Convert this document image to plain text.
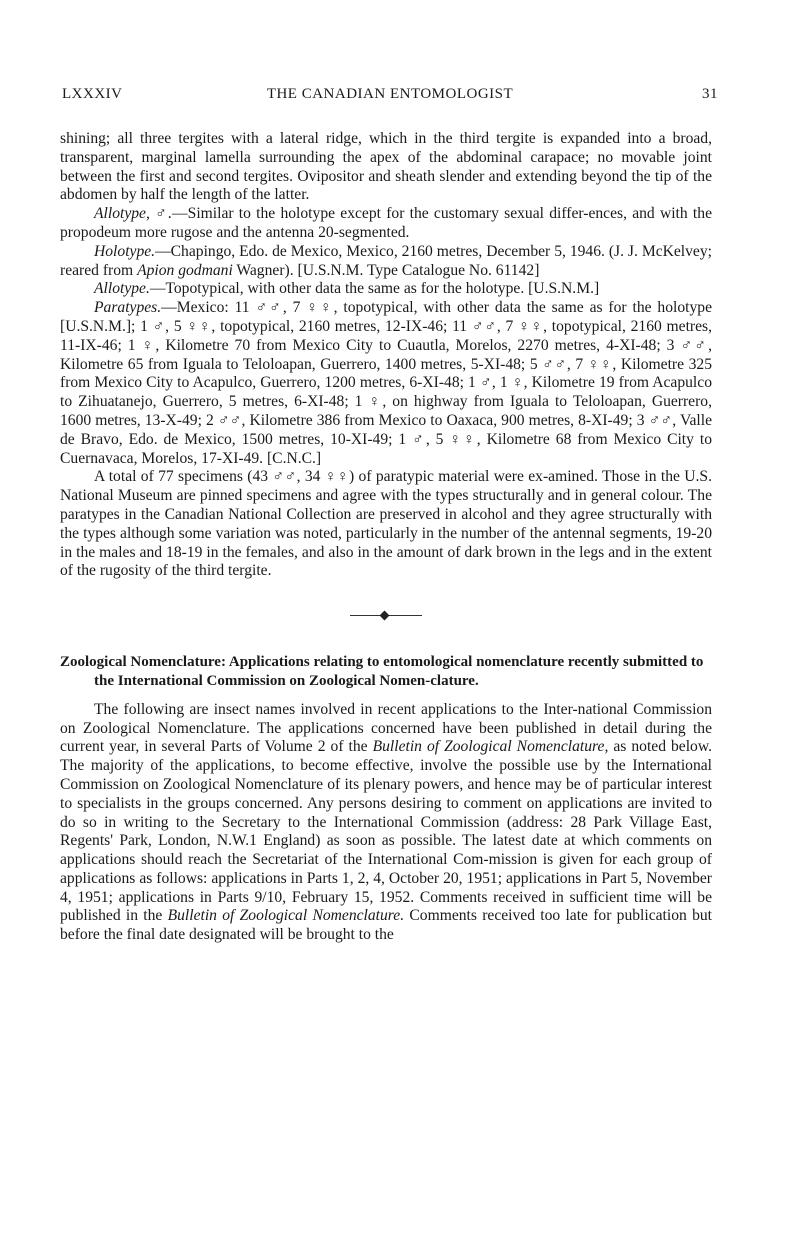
LXXXIV	THE CANADIAN ENTOMOLOGIST	31

shining; all three tergites with a lateral ridge, which in the third tergite is expanded into a broad, transparent, marginal lamella surrounding the apex of the abdominal carapace; no movable joint between the first and second tergites. Ovipositor and sheath slender and extending beyond the tip of the abdomen by half the length of the latter.

Allotype, ♂.—Similar to the holotype except for the customary sexual differ-ences, and with the propodeum more rugose and the antenna 20-segmented.

Holotype.—Chapingo, Edo. de Mexico, Mexico, 2160 metres, December 5, 1946. (J. J. McKelvey; reared from Apion godmani Wagner). [U.S.N.M. Type Catalogue No. 61142]

Allotype.—Topotypical, with other data the same as for the holotype. [U.S.N.M.]

Paratypes.—Mexico: 11 ♂♂, 7 ♀♀, topotypical, with other data the same as for the holotype [U.S.N.M.]; 1 ♂, 5 ♀♀, topotypical, 2160 metres, 12-IX-46; 11 ♂♂, 7 ♀♀, topotypical, 2160 metres, 11-IX-46; 1 ♀, Kilometre 70 from Mexico City to Cuautla, Morelos, 2270 metres, 4-XI-48; 3 ♂♂, Kilometre 65 from Iguala to Teloloapan, Guerrero, 1400 metres, 5-XI-48; 5 ♂♂, 7 ♀♀, Kilometre 325 from Mexico City to Acapulco, Guerrero, 1200 metres, 6-XI-48; 1 ♂, 1 ♀, Kilometre 19 from Acapulco to Zihuatanejo, Guerrero, 5 metres, 6-XI-48; 1 ♀, on highway from Iguala to Teloloapan, Guerrero, 1600 metres, 13-X-49; 2 ♂♂, Kilometre 386 from Mexico to Oaxaca, 900 metres, 8-XI-49; 3 ♂♂, Valle de Bravo, Edo. de Mexico, 1500 metres, 10-XI-49; 1 ♂, 5 ♀♀, Kilometre 68 from Mexico City to Cuernavaca, Morelos, 17-XI-49. [C.N.C.]

A total of 77 specimens (43 ♂♂, 34 ♀♀) of paratypic material were ex-amined. Those in the U.S. National Museum are pinned specimens and agree with the types structurally and in general colour. The paratypes in the Canadian National Collection are preserved in alcohol and they agree structurally with the types although some variation was noted, particularly in the number of the antennal segments, 19-20 in the males and 18-19 in the females, and also in the amount of dark brown in the legs and in the extent of the rugosity of the third tergite.

Zoological Nomenclature: Applications relating to entomological nomenclature recently submitted to the International Commission on Zoological Nomen-clature.

The following are insect names involved in recent applications to the Inter-national Commission on Zoological Nomenclature. The applications concerned have been published in detail during the current year, in several Parts of Volume 2 of the Bulletin of Zoological Nomenclature, as noted below. The majority of the applications, to become effective, involve the possible use by the International Commission on Zoological Nomenclature of its plenary powers, and hence may be of particular interest to specialists in the groups concerned. Any persons desiring to comment on applications are invited to do so in writing to the Secretary to the International Commission (address: 28 Park Village East, Regents' Park, London, N.W.1 England) as soon as possible. The latest date at which comments on applications should reach the Secretariat of the International Com-mission is given for each group of applications as follows: applications in Parts 1, 2, 4, October 20, 1951; applications in Part 5, November 4, 1951; applications in Parts 9/10, February 15, 1952. Comments received in sufficient time will be published in the Bulletin of Zoological Nomenclature. Comments received too late for publication but before the final date designated will be brought to the
